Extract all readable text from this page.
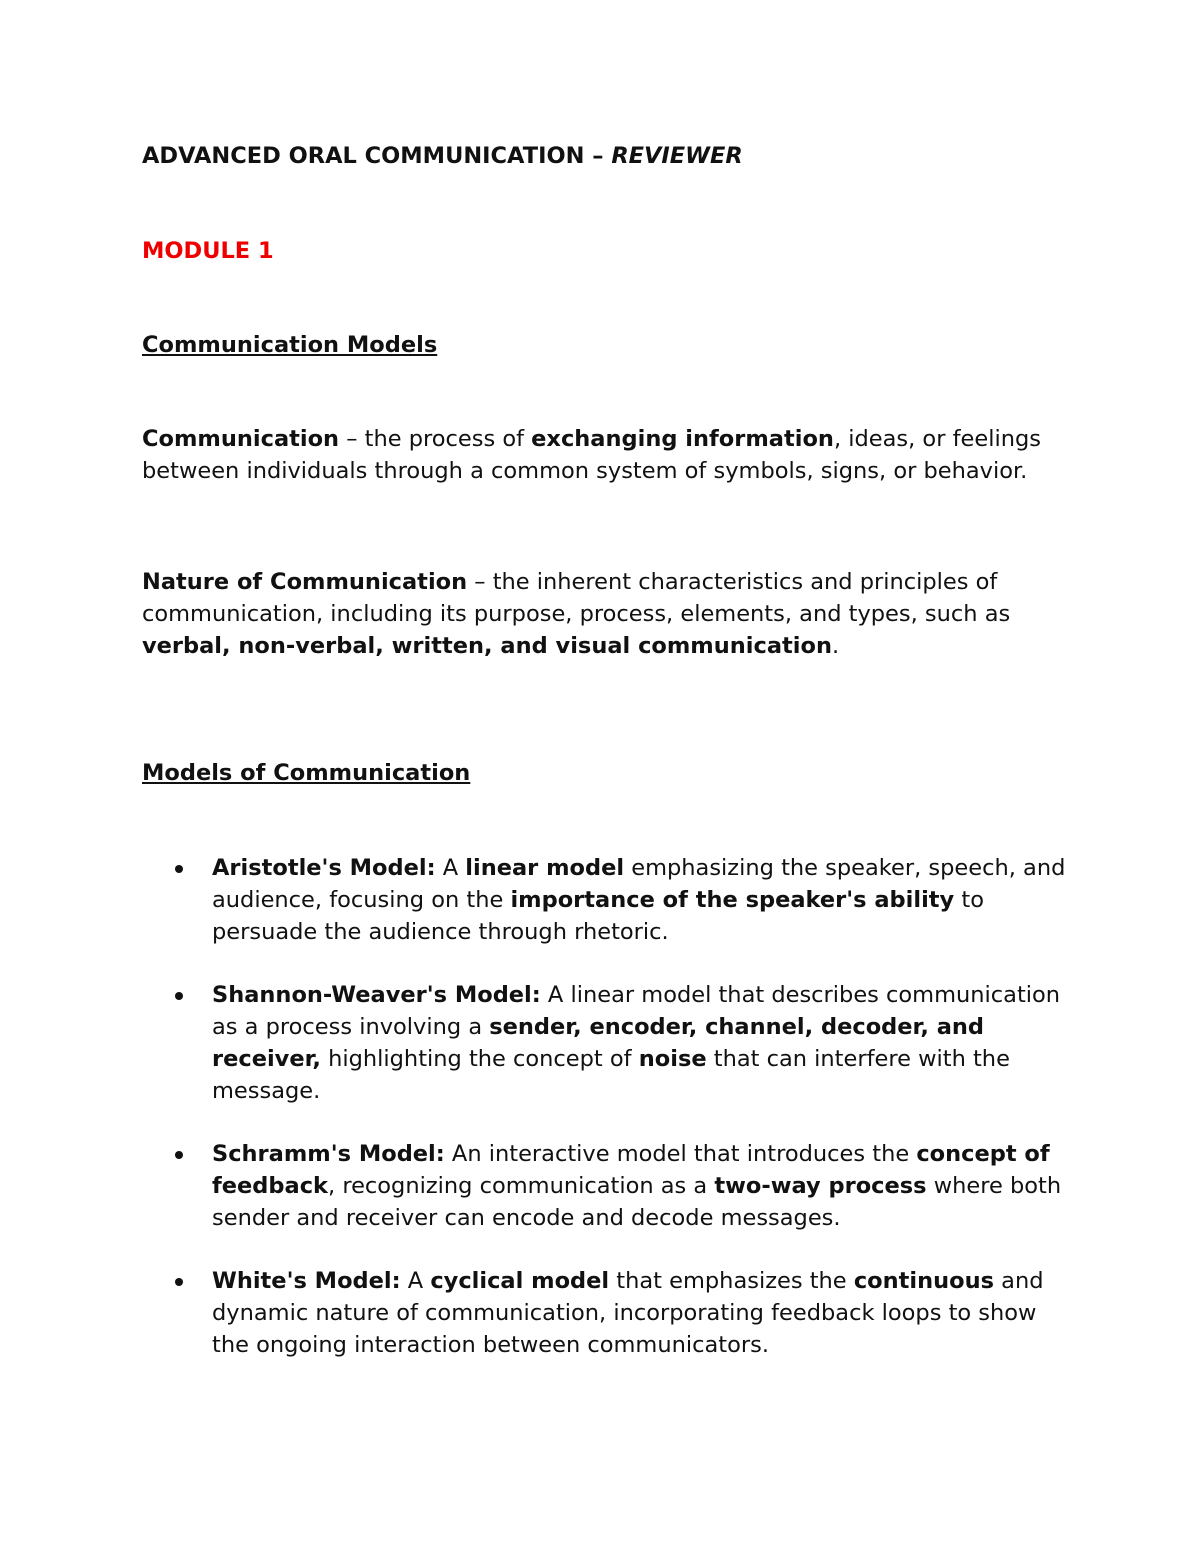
ADVANCED ORAL COMMUNICATION – REVIEWER

MODULE 1

Communication Models

Communication – the process of exchanging information, ideas, or feelings between individuals through a common system of symbols, signs, or behavior.

Nature of Communication – the inherent characteristics and principles of communication, including its purpose, process, elements, and types, such as verbal, non-verbal, written, and visual communication.

Models of Communication

Aristotle's Model: A linear model emphasizing the speaker, speech, and audience, focusing on the importance of the speaker's ability to persuade the audience through rhetoric.
Shannon-Weaver's Model: A linear model that describes communication as a process involving a sender, encoder, channel, decoder, and receiver, highlighting the concept of noise that can interfere with the message.
Schramm's Model: An interactive model that introduces the concept of feedback, recognizing communication as a two-way process where both sender and receiver can encode and decode messages.
White's Model: A cyclical model that emphasizes the continuous and dynamic nature of communication, incorporating feedback loops to show the ongoing interaction between communicators.
